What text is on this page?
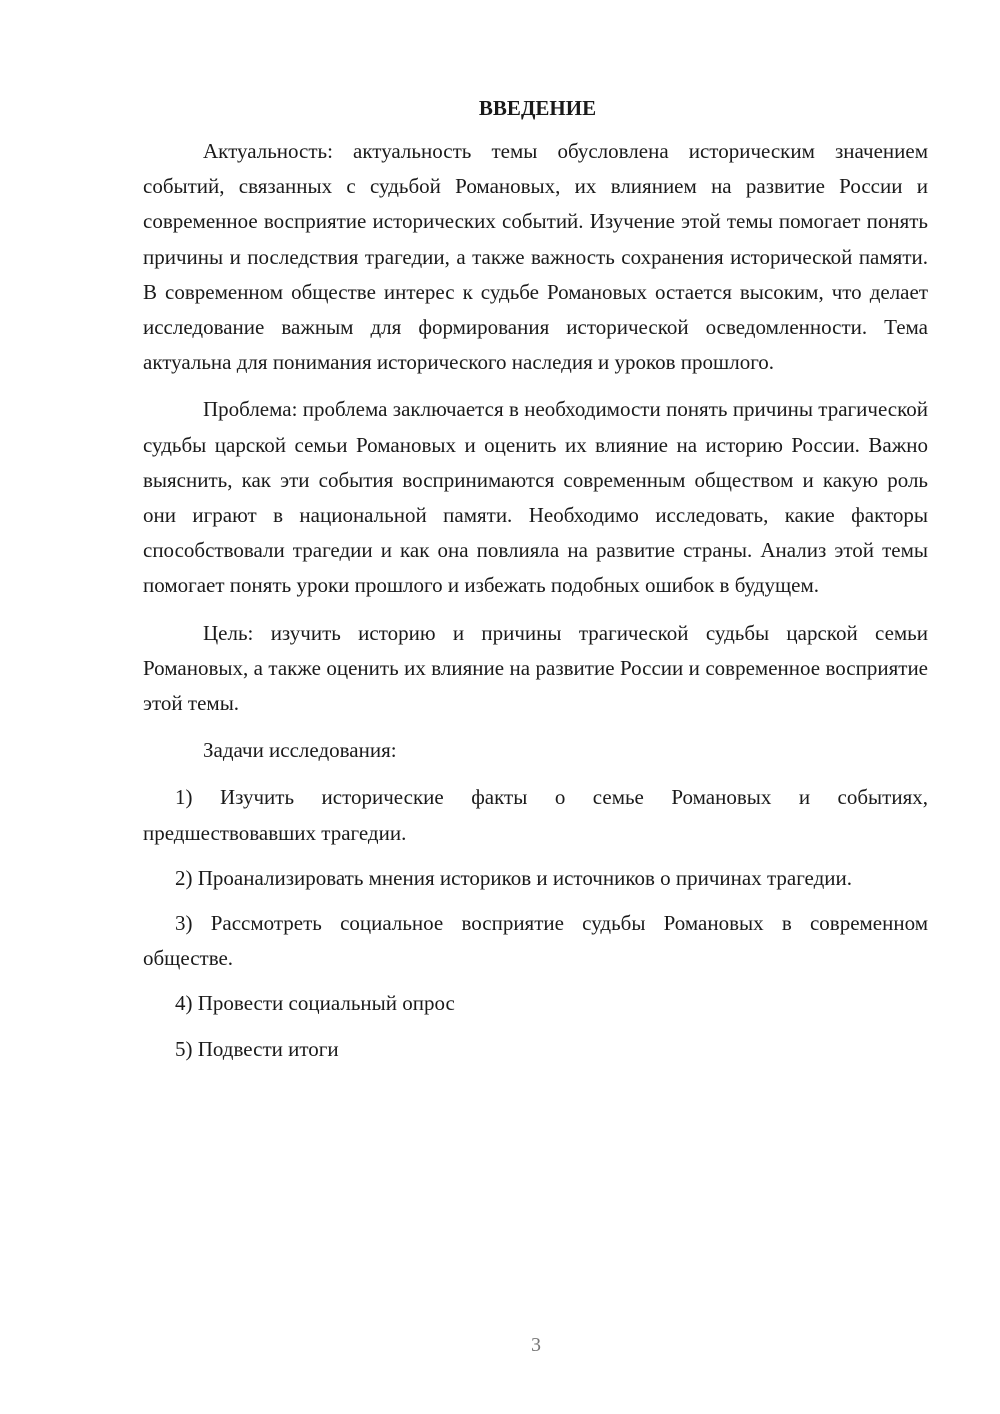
ВВЕДЕНИЕ

Актуальность: актуальность темы обусловлена историческим значением событий, связанных с судьбой Романовых, их влиянием на развитие России и современное восприятие исторических событий. Изучение этой темы помогает понять причины и последствия трагедии, а также важность сохранения исторической памяти. В современном обществе интерес к судьбе Романовых остается высоким, что делает исследование важным для формирования исторической осведомленности. Тема актуальна для понимания исторического наследия и уроков прошлого.

Проблема: проблема заключается в необходимости понять причины трагической судьбы царской семьи Романовых и оценить их влияние на историю России. Важно выяснить, как эти события воспринимаются современным обществом и какую роль они играют в национальной памяти. Необходимо исследовать, какие факторы способствовали трагедии и как она повлияла на развитие страны. Анализ этой темы помогает понять уроки прошлого и избежать подобных ошибок в будущем.

Цель: изучить историю и причины трагической судьбы царской семьи Романовых, а также оценить их влияние на развитие России и современное восприятие этой темы.

Задачи исследования:

1) Изучить исторические факты о семье Романовых и событиях, предшествовавших трагедии.

2) Проанализировать мнения историков и источников о причинах трагедии.

3) Рассмотреть социальное восприятие судьбы Романовых в современном обществе.

4) Провести социальный опрос

5) Подвести итоги

3
